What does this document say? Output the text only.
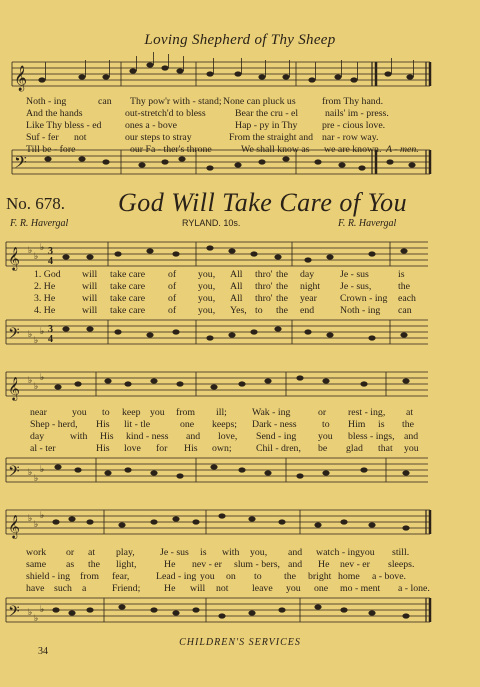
Loving Shepherd of Thy Sheep
𝄞
Noth - ing	can Thy pow'r with - stand; None can pluck us	from Thy hand.
And the hands	out-stretch'd to bless	Bear the cru - el	nails' im - press.
Like Thy bless - ed ones a - bove	Hap - py in Thy	pre - cious love.
Suf - fer not	our steps to stray	From the straight and nar - row way.
Till be - fore	our Fa - ther's throne	We shall know as we are known. A - men.
𝄢
No. 678. God Will Take Care of You
F. R. Havergal	RYLAND. 10s.	F. R. Havergal
𝄞 ♭
♭
♭ 3
4
1. God will take care of you, All thro' the day	Je - sus	is
2. He	will take care of you, All thro' the night Je - sus,	the
3. He	will take care of you, All thro' the year Crown - ing each
4. He	will take care of you, Yes, to the end	Noth - ing can
𝄢 ♭
♭
♭ 3
4
𝄞 ♭
♭
♭
near	you to keep you from ill;	Wak - ing	or rest - ing, at
Shep - herd, His lit - tle	one keeps; Dark - ness	to Him is the
day	with His kind - ness and love, Send - ing you bless - ings, and
al - ter	His love for His own; Chil - dren, be glad that you
𝄢 ♭
♭
♭
𝄞 ♭
♭
♭
work or at play,	Je - sus is with you, and watch - ing you still.
same as the light,	He nev - er slum - bers, and He nev - er sleeps.
shield - ing from fear,	Lead - ing you on to the bright home a - bove.
have such a	Friend; He will not leave you one mo - ment a - lone.
𝄢 ♭
♭
♭
CHILDREN'S SERVICES
34
